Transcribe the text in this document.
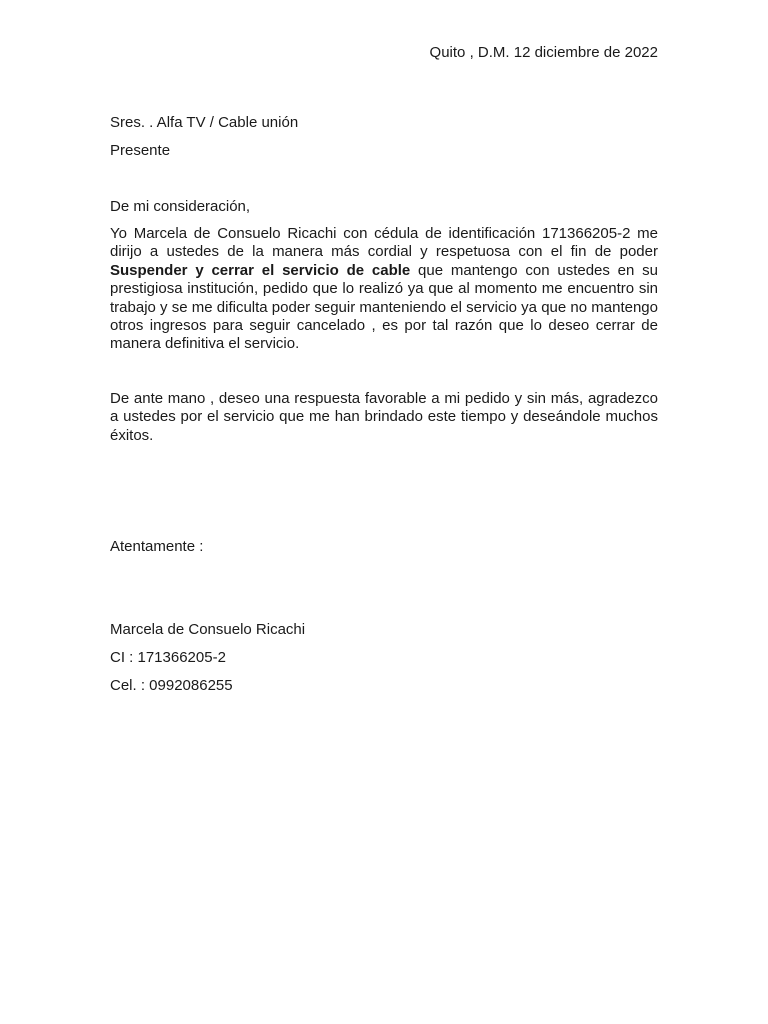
Quito , D.M. 12 diciembre de 2022
Sres. . Alfa TV / Cable unión
Presente
De mi consideración,
Yo Marcela de Consuelo Ricachi con cédula de identificación 171366205-2 me dirijo a ustedes de la manera más cordial y respetuosa con el fin de poder Suspender y cerrar el servicio de cable que mantengo con ustedes en su prestigiosa institución, pedido que lo realizó ya que al momento me encuentro sin trabajo y se me dificulta poder seguir manteniendo el servicio ya que no mantengo otros ingresos para seguir cancelado , es por tal razón que lo deseo cerrar de manera definitiva el servicio.
De ante mano , deseo una respuesta favorable a mi pedido y sin más, agradezco a ustedes por el servicio que me han brindado este tiempo y deseándole muchos éxitos.
Atentamente :
Marcela de Consuelo Ricachi
CI : 171366205-2
Cel. : 0992086255
